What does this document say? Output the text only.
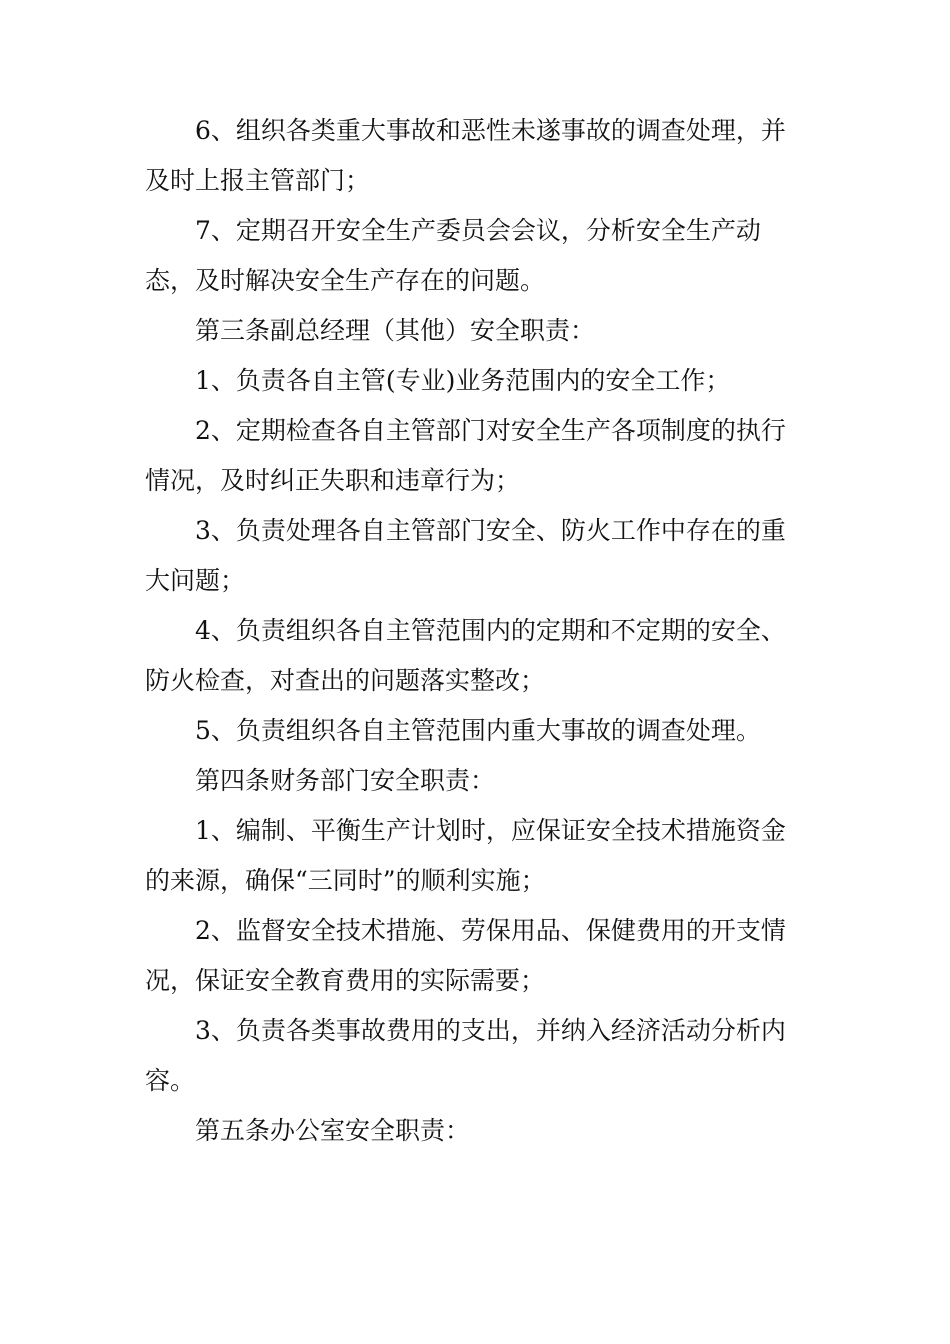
6、组织各类重大事故和恶性未遂事故的调查处理，并及时上报主管部门；

7、定期召开安全生产委员会会议，分析安全生产动态，及时解决安全生产存在的问题。

第三条副总经理（其他）安全职责：

1、负责各自主管(专业)业务范围内的安全工作；

2、定期检查各自主管部门对安全生产各项制度的执行情况，及时纠正失职和违章行为；

3、负责处理各自主管部门安全、防火工作中存在的重大问题；

4、负责组织各自主管范围内的定期和不定期的安全、防火检查，对查出的问题落实整改；

5、负责组织各自主管范围内重大事故的调查处理。

第四条财务部门安全职责：

1、编制、平衡生产计划时，应保证安全技术措施资金的来源，确保“三同时”的顺利实施；

2、监督安全技术措施、劳保用品、保健费用的开支情况，保证安全教育费用的实际需要；

3、负责各类事故费用的支出，并纳入经济活动分析内容。

第五条办公室安全职责：
